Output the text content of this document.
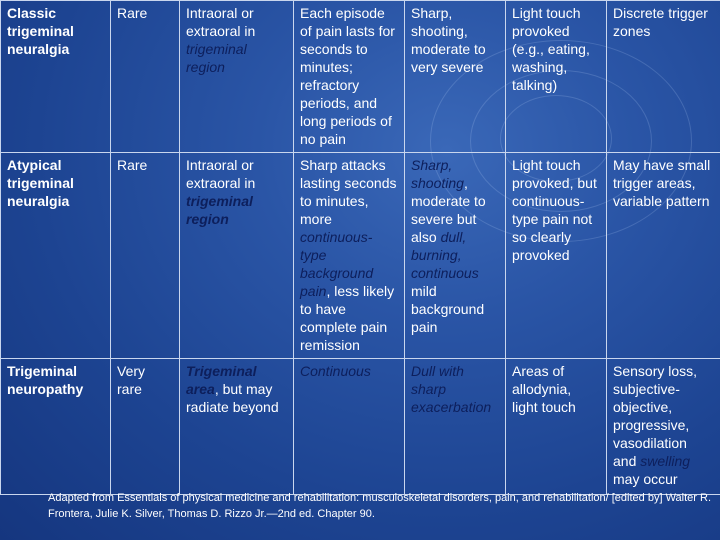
Classic trigeminal neuralgia	Rare	Intraoral or extraoral in trigeminal region	Each episode of pain lasts for seconds to minutes; refractory periods, and long periods of no pain	Sharp, shooting, moderate to very severe	Light touch provoked (e.g., eating, washing, talking)	Discrete trigger zones
Atypical trigeminal neuralgia	Rare	Intraoral or extraoral in trigeminal region	Sharp attacks lasting seconds to minutes, more continuous-type background pain, less likely to have complete pain remission	Sharp, shooting, moderate to severe but also dull, burning, continuous mild background pain	Light touch provoked, but continuous-type pain not so clearly provoked	May have small trigger areas, variable pattern
Trigeminal neuropathy	Very rare	Trigeminal area, but may radiate beyond	Continuous	Dull with sharp exacerbation	Areas of allodynia, light touch	Sensory loss, subjective-objective, progressive, vasodilation and swelling may occur
Adapted from Essentials of physical medicine and rehabilitation: musculoskeletal disorders, pain, and rehabilitation/ [edited by] Walter R. Frontera, Julie K. Silver, Thomas D. Rizzo Jr.—2nd ed. Chapter 90.
